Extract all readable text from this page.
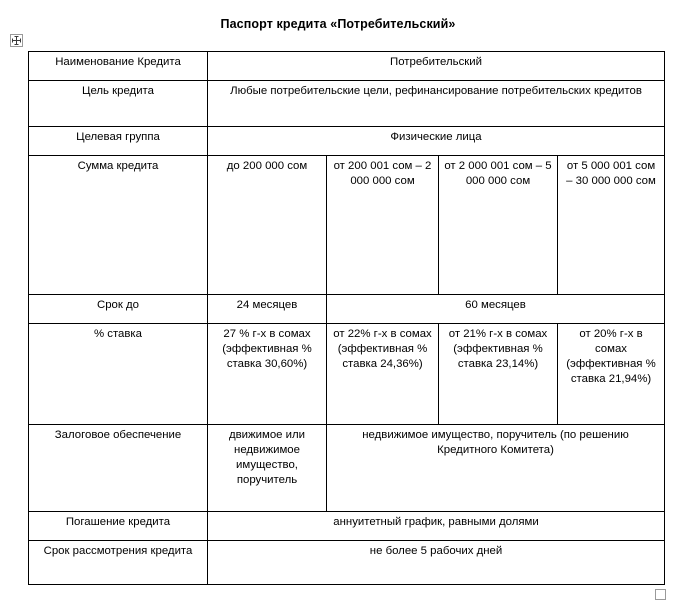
Паспорт кредита «Потребительский»
Наименование Кредита	Потребительский			
Цель кредита	Любые потребительские цели, рефинансирование потребительских кредитов			
Целевая группа	Физические лица			
Сумма кредита	до 200 000 сом	от 200 001 сом – 2 000 000 сом	от 2 000 001 сом – 5 000 000 сом	от 5 000 001 сом – 30 000 000 сом
Срок до	24 месяцев	60 месяцев		
% ставка	27 % г-х в сомах (эффективная % ставка 30,60%)	от 22% г-х в сомах (эффективная % ставка 24,36%)	от 21% г-х в сомах (эффективная % ставка 23,14%)	от 20% г-х в сомах (эффективная % ставка 21,94%)
Залоговое обеспечение	движимое или недвижимое имущество, поручитель	недвижимое имущество, поручитель (по решению Кредитного Комитета)		
Погашение кредита	аннуитетный график, равными долями			
Срок рассмотрения кредита	не более 5 рабочих дней			
